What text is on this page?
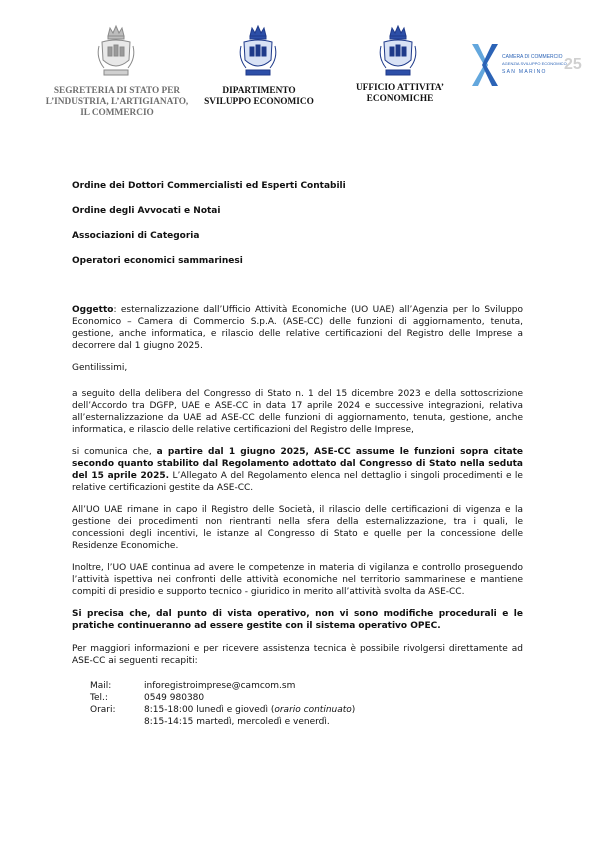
CAMERA DI COMMERCIO
AGENZIA SVILUPPO ECONOMICO
SAN MARINO 25
SEGRETERIA DI STATO PER
L’INDUSTRIA, L’ARTIGIANATO,
IL COMMERCIO
DIPARTIMENTO
SVILUPPO ECONOMICO
UFFICIO ATTIVITA’
ECONOMICHE
Ordine dei Dottori Commercialisti ed Esperti Contabili
Ordine degli Avvocati e Notai
Associazioni di Categoria
Operatori economici sammarinesi
Oggetto: esternalizzazione dall’Ufficio Attività Economiche (UO UAE) all’Agenzia per lo Sviluppo Economico – Camera di Commercio S.p.A. (ASE-CC) delle funzioni di aggiornamento, tenuta, gestione, anche informatica, e rilascio delle relative certificazioni del Registro delle Imprese a decorrere dal 1 giugno 2025.
Gentilissimi,
a seguito della delibera del Congresso di Stato n. 1 del 15 dicembre 2023 e della sottoscrizione dell’Accordo tra DGFP, UAE e ASE-CC in data 17 aprile 2024 e successive integrazioni, relativa all’esternalizzazione da UAE ad ASE-CC delle funzioni di aggiornamento, tenuta, gestione, anche informatica, e rilascio delle relative certificazioni del Registro delle Imprese,
si comunica che, a partire dal 1 giugno 2025, ASE-CC assume le funzioni sopra citate secondo quanto stabilito dal Regolamento adottato dal Congresso di Stato nella seduta del 15 aprile 2025. L’Allegato A del Regolamento elenca nel dettaglio i singoli procedimenti e le relative certificazioni gestite da ASE-CC.
All’UO UAE rimane in capo il Registro delle Società, il rilascio delle certificazioni di vigenza e la gestione dei procedimenti non rientranti nella sfera della esternalizzazione, tra i quali, le concessioni degli incentivi, le istanze al Congresso di Stato e quelle per la concessione delle Residenze Economiche.
Inoltre, l’UO UAE continua ad avere le competenze in materia di vigilanza e controllo proseguendo l’attività ispettiva nei confronti delle attività economiche nel territorio sammarinese e mantiene compiti di presidio e supporto tecnico - giuridico in merito all’attività svolta da ASE-CC.
Si precisa che, dal punto di vista operativo, non vi sono modifiche procedurali e le pratiche continueranno ad essere gestite con il sistema operativo OPEC.
Per maggiori informazioni e per ricevere assistenza tecnica è possibile rivolgersi direttamente ad ASE-CC ai seguenti recapiti:
Mail:	inforegistroimprese@camcom.sm
Tel.:	0549 980380
Orari:	8:15-18:00 lunedì e giovedì (orario continuato)
8:15-14:15 martedì, mercoledì e venerdì.
